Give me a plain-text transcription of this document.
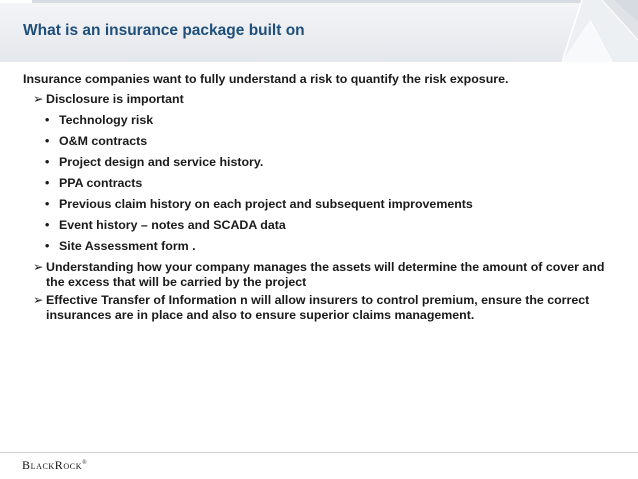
What is an insurance package built on

Insurance companies want to fully understand a risk to quantify the risk exposure.

➢ Disclosure is important

• Technology risk

• O&M contracts

• Project design and service history.

• PPA contracts

• Previous claim history on each project and subsequent improvements

• Event history – notes and SCADA data

• Site Assessment form .

➢ Understanding how your company manages the assets will determine the amount of cover and the excess that will be carried by the project

➢ Effective Transfer of Information n will allow insurers to control premium, ensure the correct insurances are in place and also to ensure superior claims management.

BlackRock®
